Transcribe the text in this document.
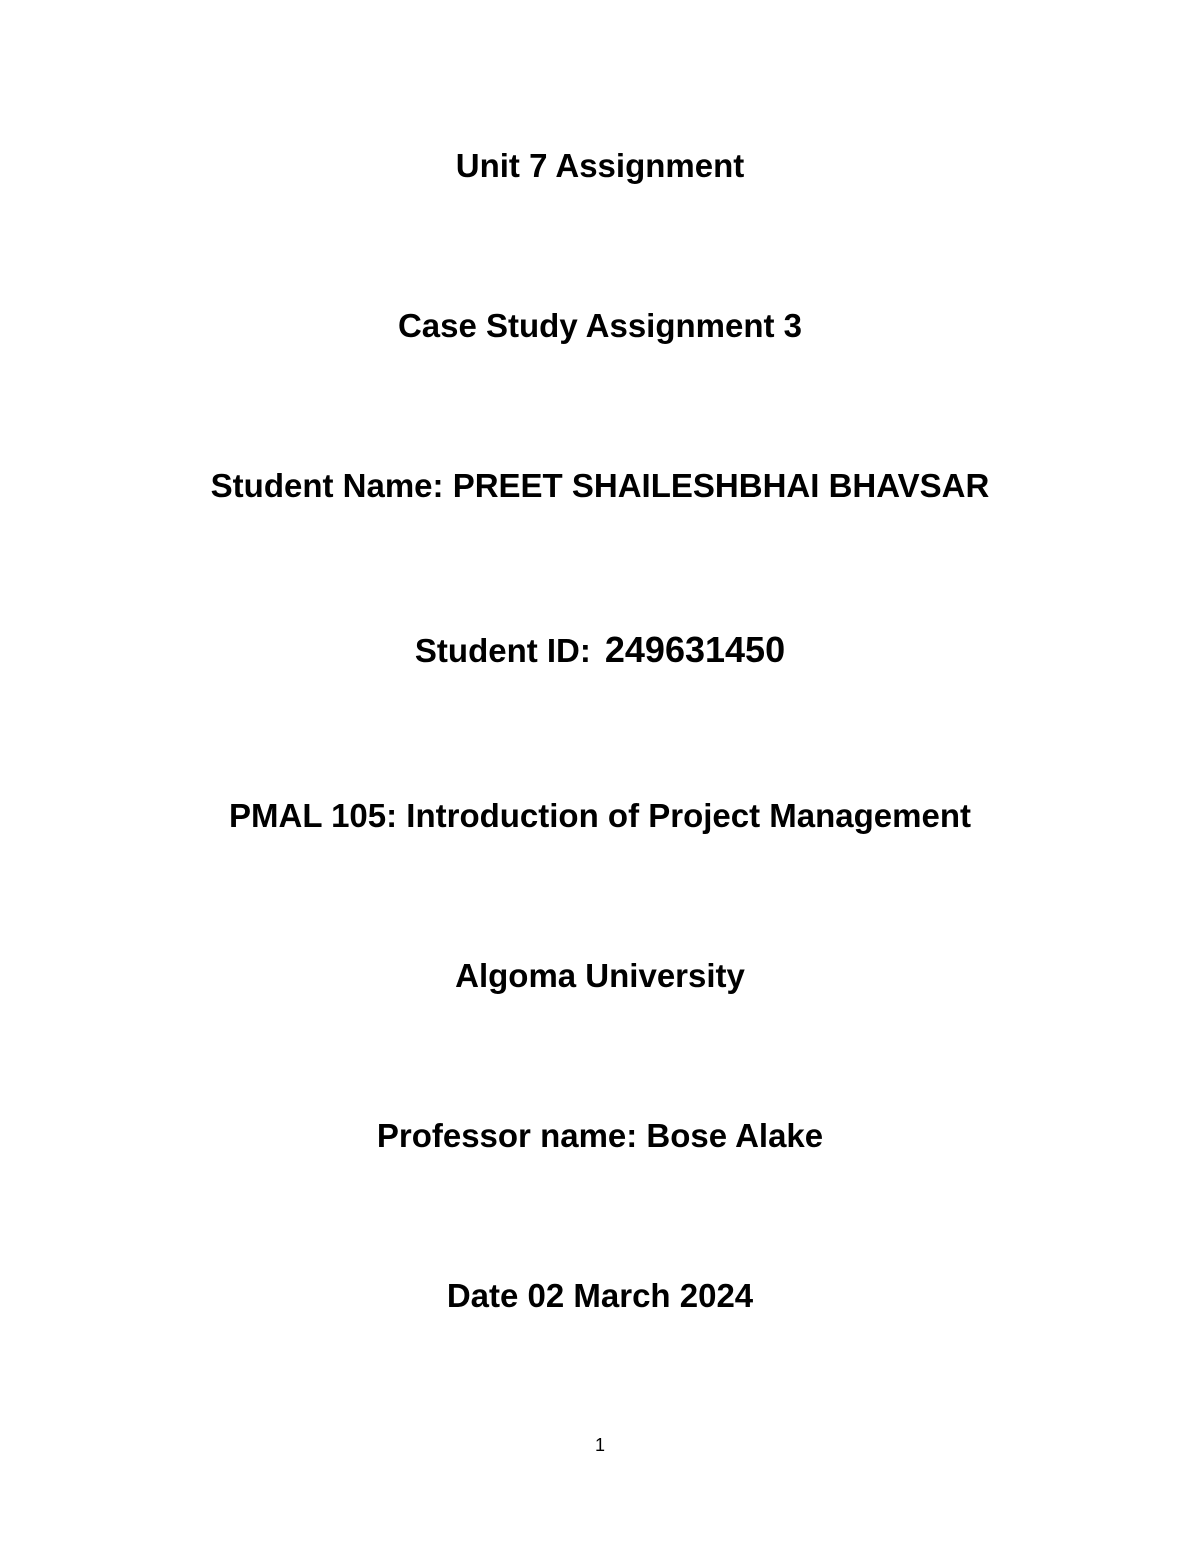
Unit 7 Assignment
Case Study Assignment 3
Student Name: PREET SHAILESHBHAI BHAVSAR
Student ID: 249631450
PMAL 105: Introduction of Project Management
Algoma University
Professor name: Bose Alake
Date 02 March 2024
1
